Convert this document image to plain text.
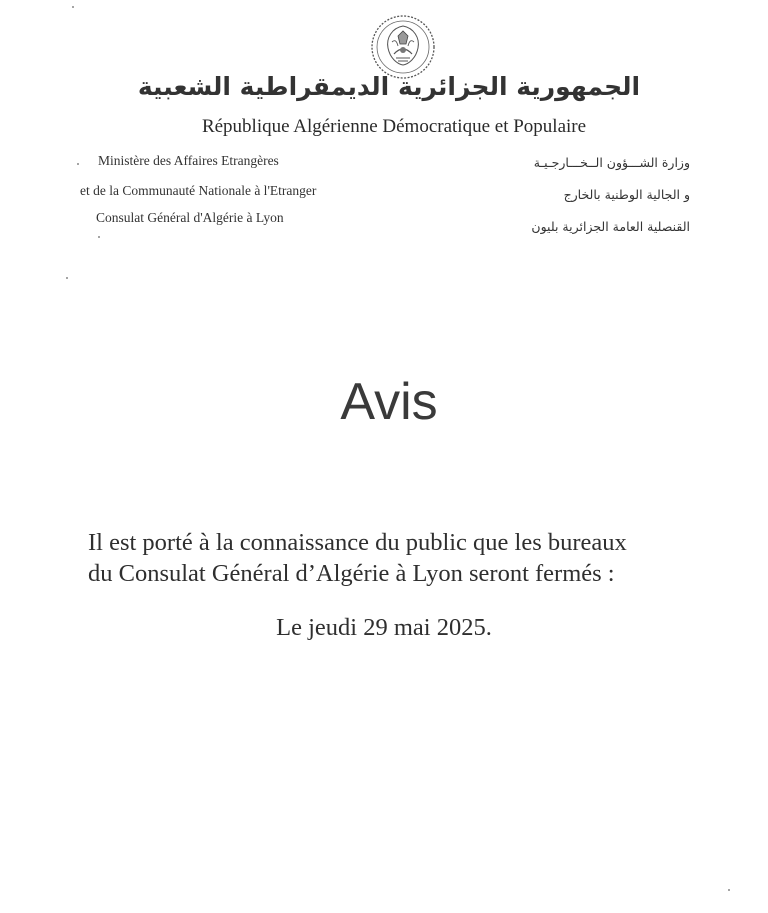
الجمهورية الجزائرية الديمقراطية الشعبية
République Algérienne Démocratique et Populaire
Ministère des Affaires Etrangères
et de la Communauté Nationale à l'Etranger
Consulat Général d'Algérie à Lyon
وزارة الشـــؤون الــخـــارجـيـة
و الجالية الوطنية بالخارج
القنصلية العامة الجزائرية بليون
Avis
Il est porté à la connaissance du public que les bureaux
du Consulat Général d’Algérie à Lyon seront fermés :
Le jeudi 29 mai 2025.
